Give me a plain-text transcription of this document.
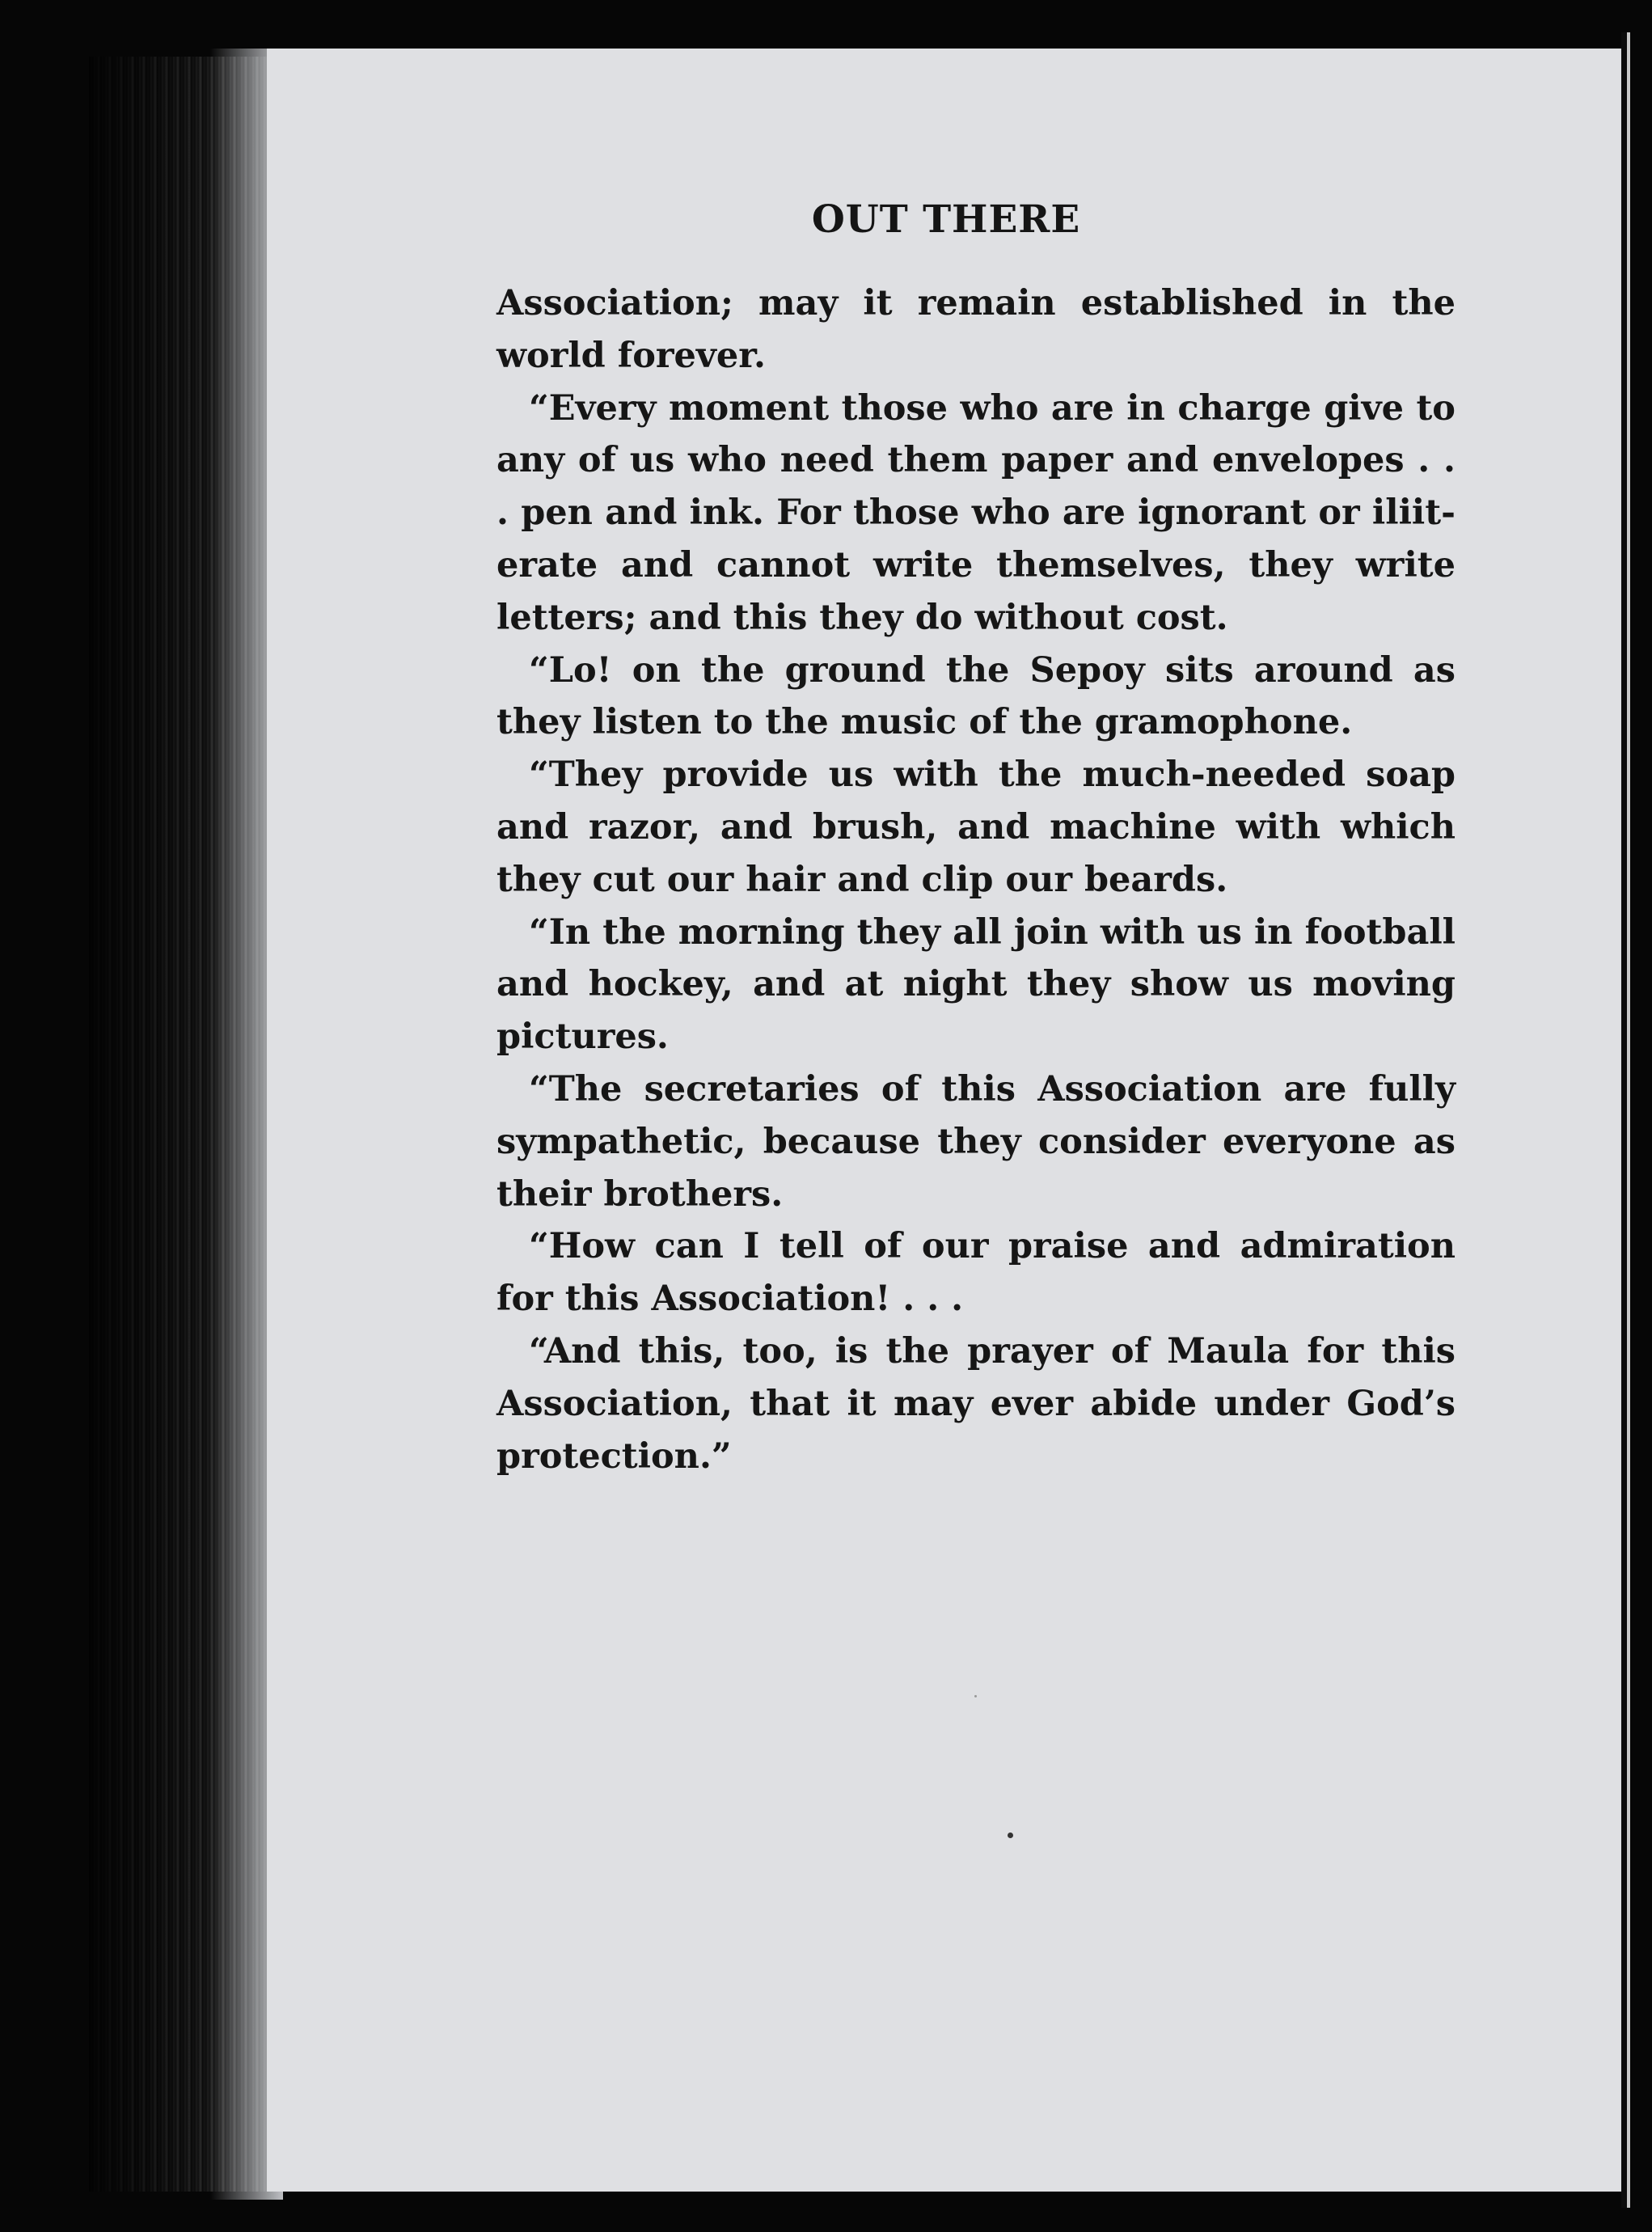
OUT THERE

Association; may it remain established in the world forever.

“Every moment those who are in charge give to any of us who need them paper and envelopes . . . pen and ink. For those who are ignorant or iliiterate and cannot write themselves, they write letters; and this they do without cost.

“Lo! on the ground the Sepoy sits around as they listen to the music of the gramophone.

“They provide us with the much-needed soap and razor, and brush, and machine with which they cut our hair and clip our beards.

“In the morning they all join with us in football and hockey, and at night they show us moving pictures.

“The secretaries of this Association are fully sympathetic, because they consider everyone as their brothers.

“How can I tell of our praise and admiration for this Association! . . .

“And this, too, is the prayer of Maula for this Association, that it may ever abide under God’s protection.”
